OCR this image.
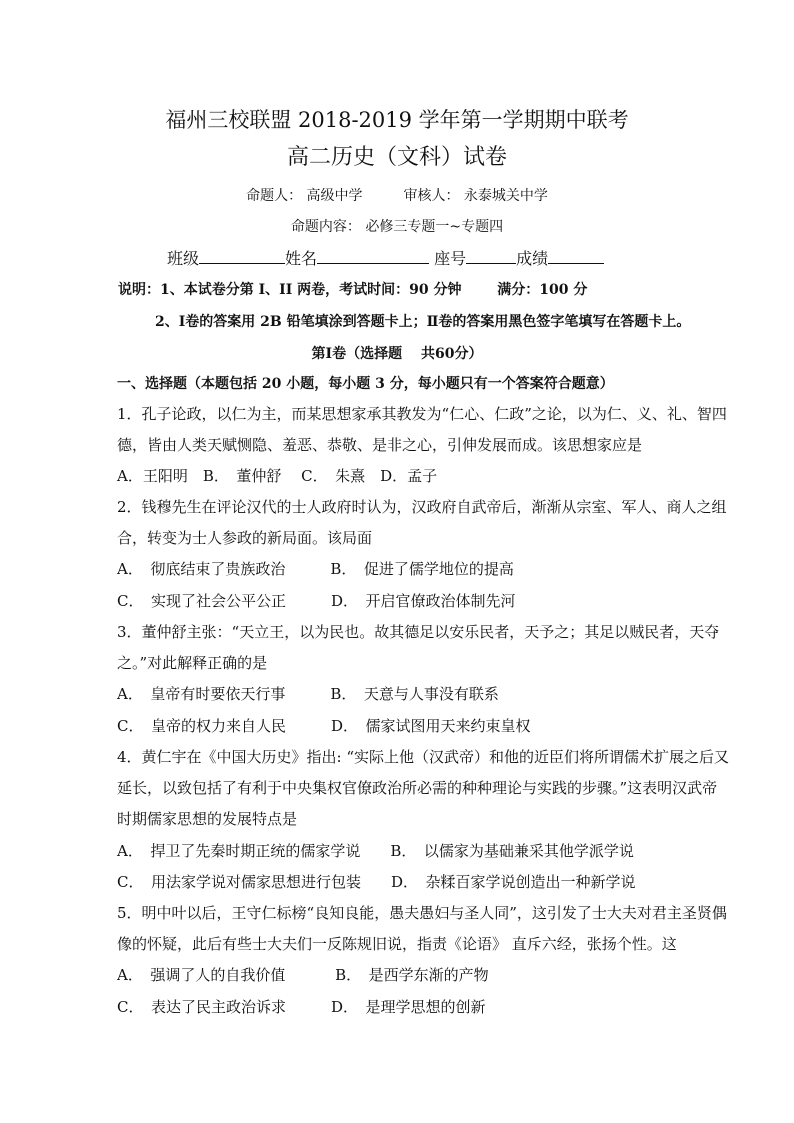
福州三校联盟 2018-2019 学年第一学期期中联考
高二历史（文科）试卷
命题人： 高级中学	审核人： 永泰城关中学
命题内容： 必修三专题一~专题四
班级	姓名	座号	成绩
说明：1、本试卷分第 I、II 两卷，考试时间：90 分钟	满分：100 分
2、Ⅰ卷的答案用 2B 铅笔填涂到答题卡上；Ⅱ卷的答案用黑色签字笔填写在答题卡上。
第Ⅰ卷（选择题　 共60分）
一、选择题（本题包括 20 小题，每小题 3 分，每小题只有一个答案符合题意）
1．孔子论政，以仁为主，而某思想家承其教发为“仁心、仁政”之论，以为仁、义、礼、智四
德，皆由人类天赋恻隐、羞恶、恭敬、是非之心，引伸发展而成。该思想家应是
A．王阳明　B．　董仲舒　 C．　朱熹　D．孟子
2．钱穆先生在评论汉代的士人政府时认为，汉政府自武帝后，渐渐从宗室、军人、商人之组
合，转变为士人参政的新局面。该局面
A．　彻底结束了贵族政治　　　B．　促进了儒学地位的提高
C．　实现了社会公平公正　　　D．　开启官僚政治体制先河
3．董仲舒主张：“天立王，以为民也。故其德足以安乐民者，天予之；其足以贼民者，天夺
之。”对此解释正确的是
A．　皇帝有时要依天行事　　　B．　天意与人事没有联系
C．　皇帝的权力来自人民　　　D．　儒家试图用天来约束皇权
4．黄仁宇在《中国大历史》指出: “实际上他（汉武帝）和他的近臣们将所谓儒术扩展之后又
延长，以致包括了有利于中央集权官僚政治所必需的种种理论与实践的步骤。”这表明汉武帝
时期儒家思想的发展特点是
A．　捍卫了先秦时期正统的儒家学说　　B．　以儒家为基础兼采其他学派学说
C．　用法家学说对儒家思想进行包装　　D．　杂糅百家学说创造出一种新学说
5．明中叶以后，王守仁标榜“良知良能，愚夫愚妇与圣人同”，这引发了士大夫对君主圣贤偶
像的怀疑，此后有些士大夫们一反陈规旧说，指责《论语》 直斥六经，张扬个性。这
A．　强调了人的自我价值　　　 B．　是西学东渐的产物
C．　表达了民主政治诉求　　　D．　是理学思想的创新
